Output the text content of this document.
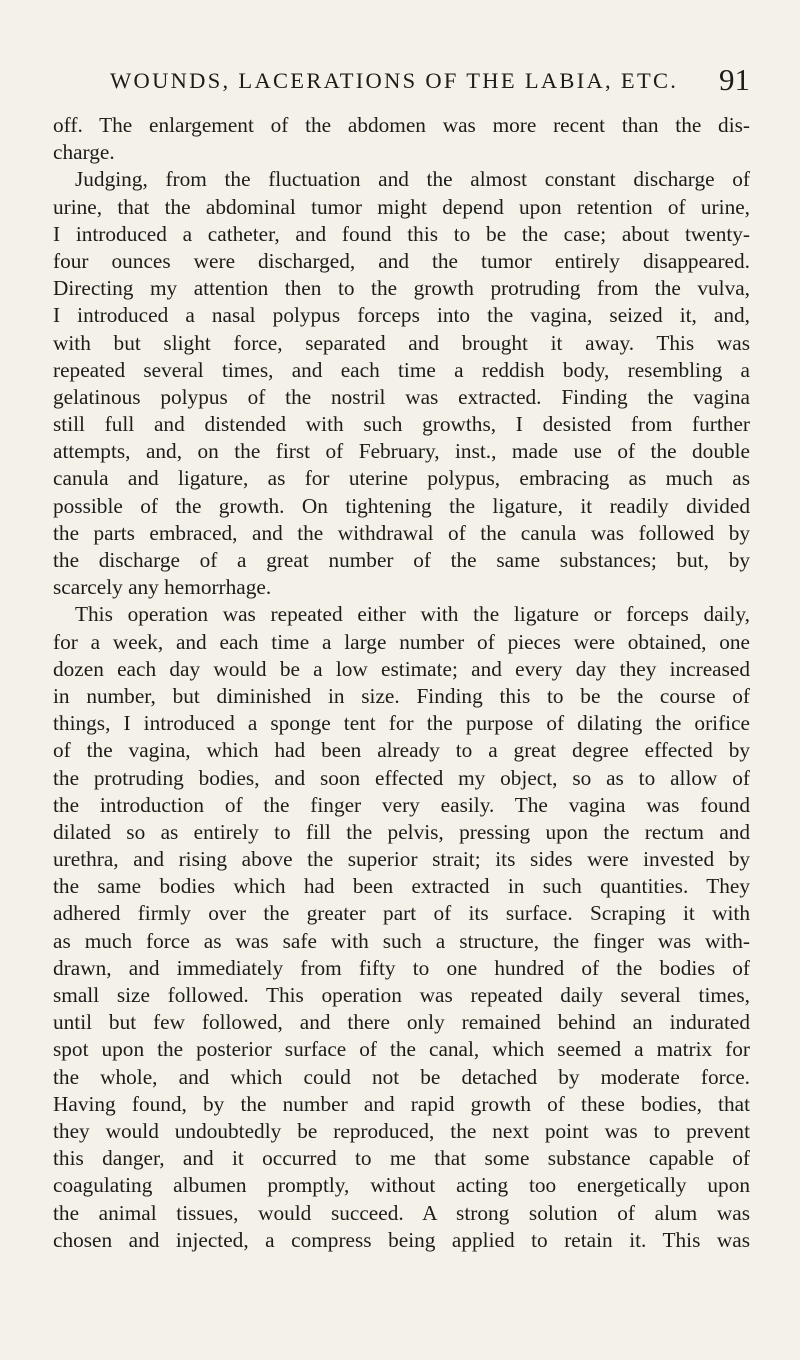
WOUNDS, LACERATIONS OF THE LABIA, ETC. 91
off. The enlargement of the abdomen was more recent than the dis-
charge.
Judging, from the fluctuation and the almost constant discharge of
urine, that the abdominal tumor might depend upon retention of urine,
I introduced a catheter, and found this to be the case; about twenty-
four ounces were discharged, and the tumor entirely disappeared.
Directing my attention then to the growth protruding from the vulva,
I introduced a nasal polypus forceps into the vagina, seized it, and,
with but slight force, separated and brought it away. This was
repeated several times, and each time a reddish body, resembling a
gelatinous polypus of the nostril was extracted. Finding the vagina
still full and distended with such growths, I desisted from further
attempts, and, on the first of February, inst., made use of the double
canula and ligature, as for uterine polypus, embracing as much as
possible of the growth. On tightening the ligature, it readily divided
the parts embraced, and the withdrawal of the canula was followed by
the discharge of a great number of the same substances; but, by
scarcely any hemorrhage.
This operation was repeated either with the ligature or forceps daily,
for a week, and each time a large number of pieces were obtained, one
dozen each day would be a low estimate; and every day they increased
in number, but diminished in size. Finding this to be the course of
things, I introduced a sponge tent for the purpose of dilating the orifice
of the vagina, which had been already to a great degree effected by
the protruding bodies, and soon effected my object, so as to allow of
the introduction of the finger very easily. The vagina was found
dilated so as entirely to fill the pelvis, pressing upon the rectum and
urethra, and rising above the superior strait; its sides were invested by
the same bodies which had been extracted in such quantities. They
adhered firmly over the greater part of its surface. Scraping it with
as much force as was safe with such a structure, the finger was with-
drawn, and immediately from fifty to one hundred of the bodies of
small size followed. This operation was repeated daily several times,
until but few followed, and there only remained behind an indurated
spot upon the posterior surface of the canal, which seemed a matrix for
the whole, and which could not be detached by moderate force.
Having found, by the number and rapid growth of these bodies, that
they would undoubtedly be reproduced, the next point was to prevent
this danger, and it occurred to me that some substance capable of
coagulating albumen promptly, without acting too energetically upon
the animal tissues, would succeed. A strong solution of alum was
chosen and injected, a compress being applied to retain it. This was
